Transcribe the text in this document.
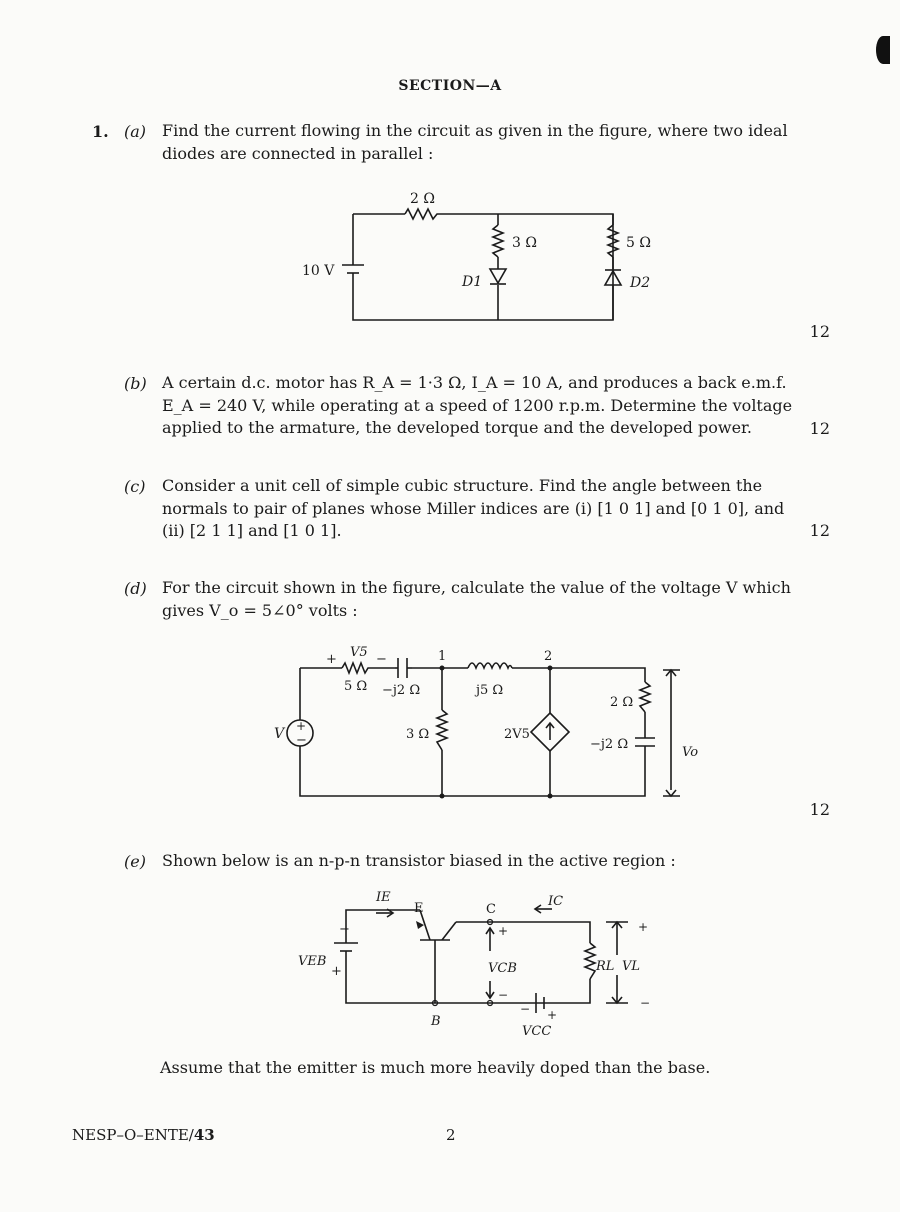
SECTION—A
1. (a) Find the current flowing in the circuit as given in the figure, where two ideal
diodes are connected in parallel :
2 Ω
3 Ω	5 Ω
10 V
D1	D2
12
(b) A certain d.c. motor has R_A = 1·3 Ω, I_A = 10 A, and produces a back e.m.f.
E_A = 240 V, while operating at a speed of 1200 r.p.m. Determine the voltage
applied to the armature, the developed torque and the developed power.	12
(c) Consider a unit cell of simple cubic structure. Find the angle between the
normals to pair of planes whose Miller indices are (i) [1 0 1] and [0 1 0], and
(ii) [2 1 1] and [1 0 1].	12
(d) For the circuit shown in the figure, calculate the value of the voltage V which
gives V_o = 5∠0° volts :
+
−
+ V5 −
5 Ω −j2 Ω
1	2
j5 Ω
3 Ω	2V5
2 Ω
−j2 Ω
V
Vo
12
(e) Shown below is an n-p-n transistor biased in the active region :
IE
E	C
IC
VEB
−
+	VCB
+
−
RL VL
+
−
B
− +
VCC
Assume that the emitter is much more heavily doped than the base.
NESP–O–ENTE/43	2
